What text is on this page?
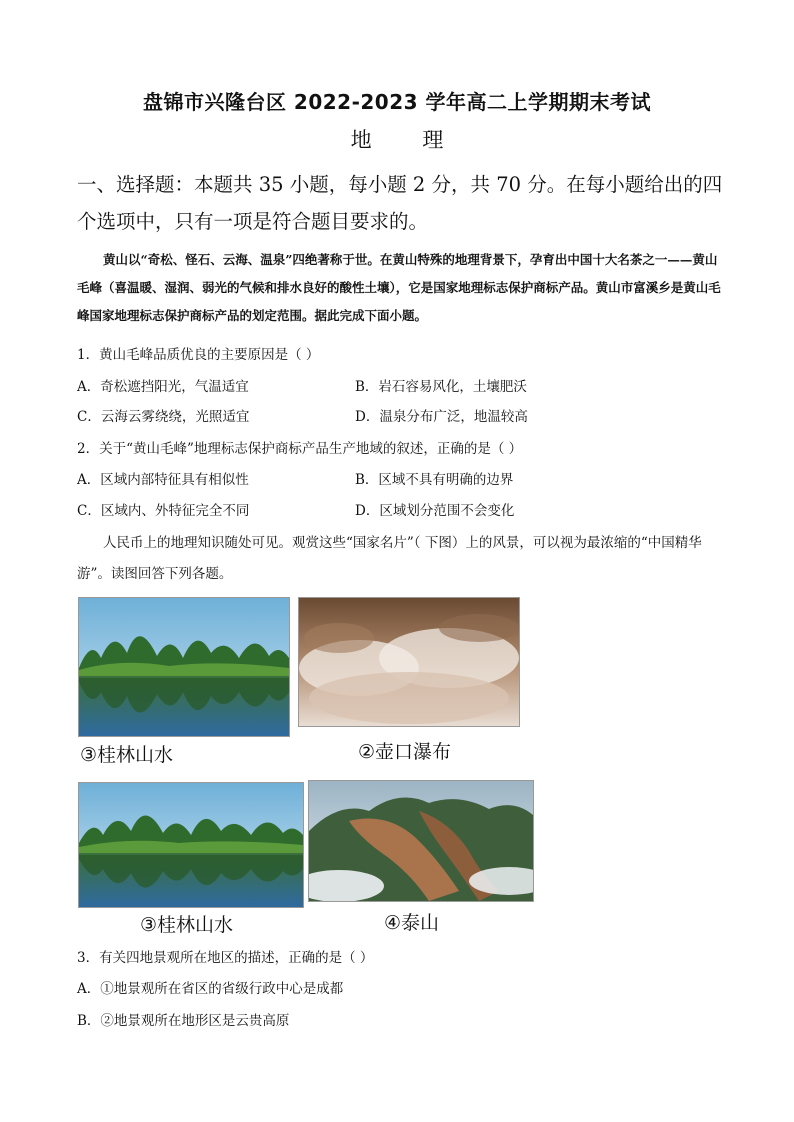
盘锦市兴隆台区 2022-2023 学年高二上学期期末考试
地 理
一、选择题：本题共 35 小题，每小题 2 分，共 70 分。在每小题给出的四个选项中，只有一项是符合题目要求的。
黄山以“奇松、怪石、云海、温泉”四绝著称于世。在黄山特殊的地理背景下，孕育出中国十大名茶之一——黄山毛峰（喜温暖、湿润、弱光的气候和排水良好的酸性土壤），它是国家地理标志保护商标产品。黄山市富溪乡是黄山毛峰国家地理标志保护商标产品的划定范围。据此完成下面小题。
1．黄山毛峰品质优良的主要原因是（ ）
A．奇松遮挡阳光，气温适宜	B．岩石容易风化，土壤肥沃
C．云海云雾绕绕，光照适宜	D．温泉分布广泛，地温较高
2．关于“黄山毛峰”地理标志保护商标产品生产地域的叙述，正确的是（ ）
A．区域内部特征具有相似性	B．区域不具有明确的边界
C．区域内、外特征完全不同	D．区域划分范围不会变化
人民币上的地理知识随处可见。观赏这些“国家名片”（ 下图）上的风景，可以视为最浓缩的“中国精华游”。读图回答下列各题。
③桂林山水	②壶口瀑布
③桂林山水	④泰山
3．有关四地景观所在地区的描述，正确的是（ ）
A．①地景观所在省区的省级行政中心是成都
B．②地景观所在地形区是云贵高原
